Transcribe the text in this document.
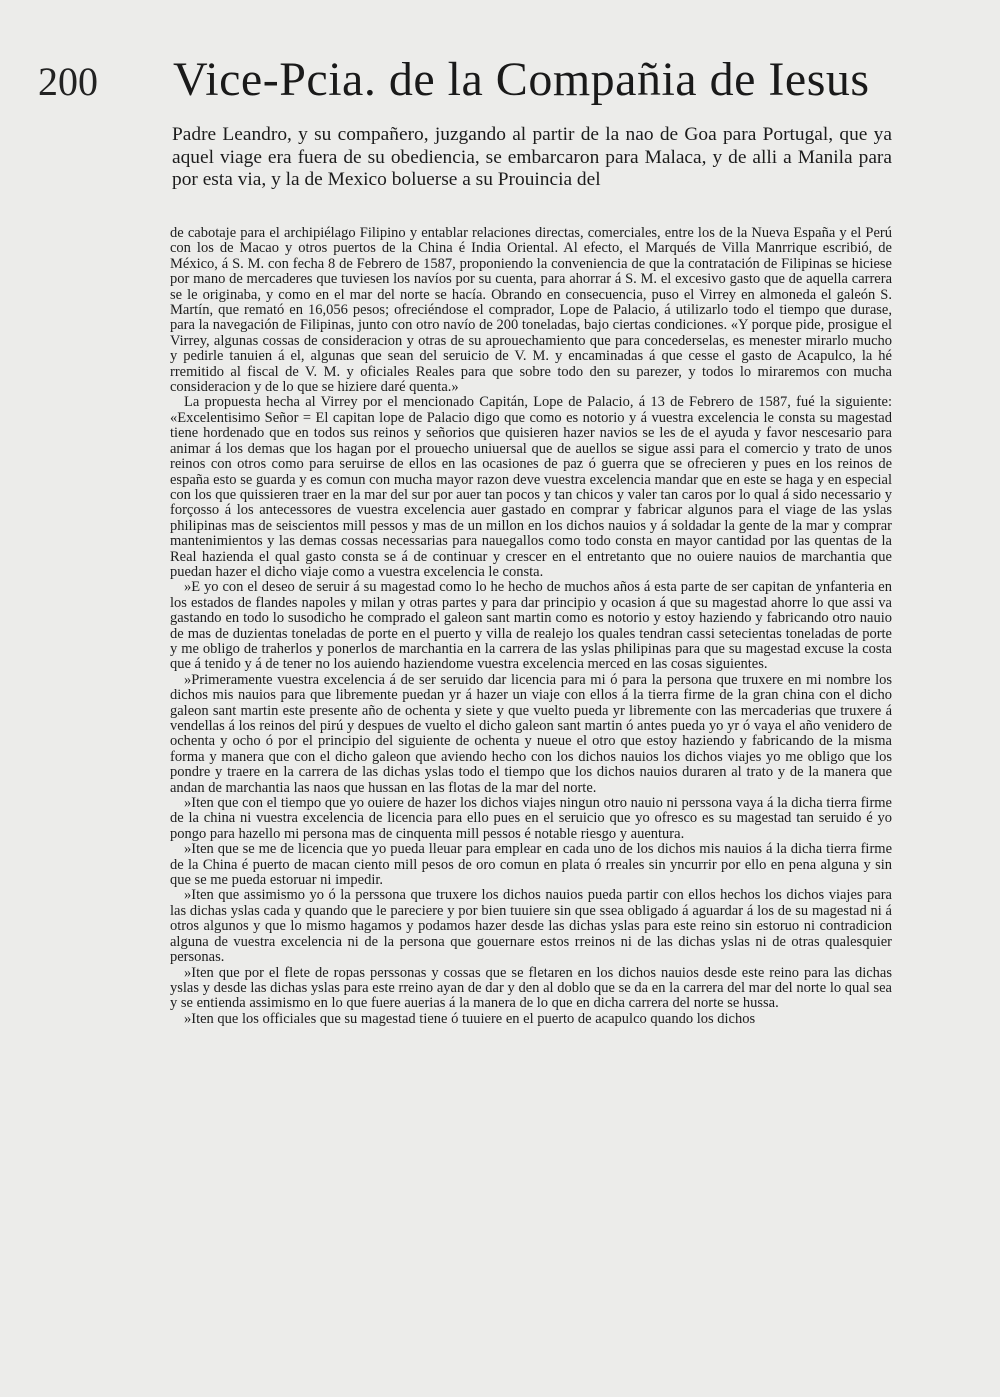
200 Vice-Pcia. de la Compañia de Iesus

Padre Leandro, y su compañero, juzgando al partir de la nao de Goa para Portugal, que ya aquel viage era fuera de su obediencia, se embarcaron para Malaca, y de alli a Manila para por esta via, y la de Mexico boluerse a su Prouincia del

de cabotaje para el archipiélago Filipino y entablar relaciones directas, comerciales, entre los de la Nueva España y el Perú con los de Macao y otros puertos de la China é India Oriental. Al efecto, el Marqués de Villa Manrrique escribió, de México, á S. M. con fecha 8 de Febrero de 1587, proponiendo la conveniencia de que la contratación de Filipinas se hiciese por mano de mercaderes que tuviesen los navíos por su cuenta, para ahorrar á S. M. el excesivo gasto que de aquella carrera se le originaba, y como en el mar del norte se hacía. Obrando en consecuencia, puso el Virrey en almoneda el galeón S. Martín, que remató en 16,056 pesos; ofreciéndose el comprador, Lope de Palacio, á utilizarlo todo el tiempo que durase, para la navegación de Filipinas, junto con otro navío de 200 toneladas, bajo ciertas condiciones. «Y porque pide, prosigue el Virrey, algunas cossas de consideracion y otras de su aprouechamiento que para concederselas, es menester mirarlo mucho y pedirle tanuien á el, algunas que sean del seruicio de V. M. y encaminadas á que cesse el gasto de Acapulco, la hé rremitido al fiscal de V. M. y oficiales Reales para que sobre todo den su parezer, y todos lo miraremos con mucha consideracion y de lo que se hiziere daré quenta.»

La propuesta hecha al Virrey por el mencionado Capitán, Lope de Palacio, á 13 de Febrero de 1587, fué la siguiente: «Excelentisimo Señor = El capitan lope de Palacio digo que como es notorio y á vuestra excelencia le consta su magestad tiene hordenado que en todos sus reinos y señorios que quisieren hazer navios se les de el ayuda y favor nescesario para animar á los demas que los hagan por el prouecho uniuersal que de auellos se sigue assi para el comercio y trato de unos reinos con otros como para seruirse de ellos en las ocasiones de paz ó guerra que se ofrecieren y pues en los reinos de españa esto se guarda y es comun con mucha mayor razon deve vuestra excelencia mandar que en este se haga y en especial con los que quissieren traer en la mar del sur por auer tan pocos y tan chicos y valer tan caros por lo qual á sido necessario y forçosso á los antecessores de vuestra excelencia auer gastado en comprar y fabricar algunos para el viage de las yslas philipinas mas de seiscientos mill pessos y mas de un millon en los dichos nauios y á soldadar la gente de la mar y comprar mantenimientos y las demas cossas necessarias para nauegallos como todo consta en mayor cantidad por las quentas de la Real hazienda el qual gasto consta se á de continuar y crescer en el entretanto que no ouiere nauios de marchantia que puedan hazer el dicho viaje como a vuestra excelencia le consta.

»E yo con el deseo de seruir á su magestad como lo he hecho de muchos años á esta parte de ser capitan de ynfanteria en los estados de flandes napoles y milan y otras partes y para dar principio y ocasion á que su magestad ahorre lo que assi va gastando en todo lo susodicho he comprado el galeon sant martin como es notorio y estoy haziendo y fabricando otro nauio de mas de duzientas toneladas de porte en el puerto y villa de realejo los quales tendran cassi setecientas toneladas de porte y me obligo de traherlos y ponerlos de marchantia en la carrera de las yslas philipinas para que su magestad excuse la costa que á tenido y á de tener no los auiendo haziendome vuestra excelencia merced en las cosas siguientes.

»Primeramente vuestra excelencia á de ser seruido dar licencia para mi ó para la persona que truxere en mi nombre los dichos mis nauios para que libremente puedan yr á hazer un viaje con ellos á la tierra firme de la gran china con el dicho galeon sant martin este presente año de ochenta y siete y que vuelto pueda yr libremente con las mercaderias que truxere á vendellas á los reinos del pirú y despues de vuelto el dicho galeon sant martin ó antes pueda yo yr ó vaya el año venidero de ochenta y ocho ó por el principio del siguiente de ochenta y nueue el otro que estoy haziendo y fabricando de la misma forma y manera que con el dicho galeon que aviendo hecho con los dichos nauios los dichos viajes yo me obligo que los pondre y traere en la carrera de las dichas yslas todo el tiempo que los dichos nauios duraren al trato y de la manera que andan de marchantia las naos que hussan en las flotas de la mar del norte.

»Iten que con el tiempo que yo ouiere de hazer los dichos viajes ningun otro nauio ni perssona vaya á la dicha tierra firme de la china ni vuestra excelencia de licencia para ello pues en el seruicio que yo ofresco es su magestad tan seruido é yo pongo para hazello mi persona mas de cinquenta mill pessos é notable riesgo y auentura.

»Iten que se me de licencia que yo pueda lleuar para emplear en cada uno de los dichos mis nauios á la dicha tierra firme de la China é puerto de macan ciento mill pesos de oro comun en plata ó rreales sin yncurrir por ello en pena alguna y sin que se me pueda estoruar ni impedir.

»Iten que assimismo yo ó la perssona que truxere los dichos nauios pueda partir con ellos hechos los dichos viajes para las dichas yslas cada y quando que le pareciere y por bien tuuiere sin que ssea obligado á aguardar á los de su magestad ni á otros algunos y que lo mismo hagamos y podamos hazer desde las dichas yslas para este reino sin estoruo ni contradicion alguna de vuestra excelencia ni de la persona que gouernare estos rreinos ni de las dichas yslas ni de otras qualesquier personas.

»Iten que por el flete de ropas perssonas y cossas que se fletaren en los dichos nauios desde este reino para las dichas yslas y desde las dichas yslas para este rreino ayan de dar y den al doblo que se da en la carrera del mar del norte lo qual sea y se entienda assimismo en lo que fuere auerias á la manera de lo que en dicha carrera del norte se hussa.

»Iten que los officiales que su magestad tiene ó tuuiere en el puerto de acapulco quando los dichos
